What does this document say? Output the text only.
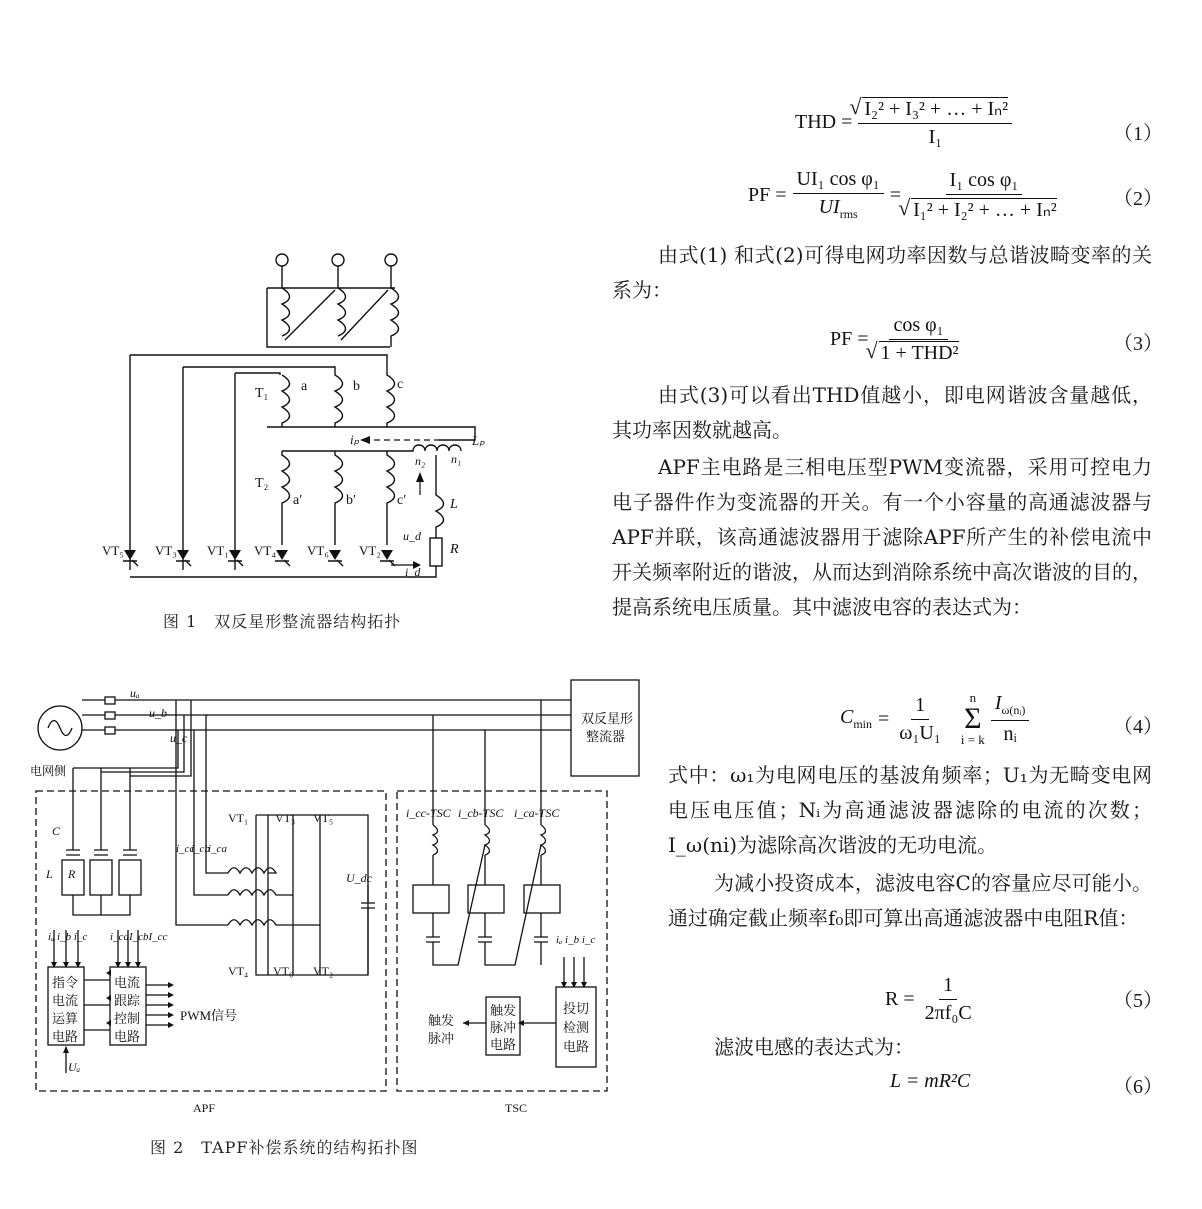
T₁ a	b	c
T₂
a′	b′	c′
iₚ	Lₚ
n₂ n₁
L
u_d
R
i_d
VT₅ VT₃ VT₁ VT₄ VT₆ VT₂
图 1　双反星形整流器结构拓扑
uₐ
u_b
u_c
电网侧
双反星形
整流器
C
L R
i_cc
i_cb
i_ca
VT₁ VT₃ VT₅
VT₄ VT₆ VT₂
U_dc
iₐ i_b i_c i_caI_cbI_cc
指令
电流
运算
电路
电流
跟踪
控制
电路
PWM信号
Uₐ
i_cc-TSC i_cb-TSC i_ca-TSC
iₐ i_b i_c
触发
脉冲
触发
脉冲
电路
投切
检测
电路
APF	TSC
图 2　TAPF补偿系统的结构拓扑图
THD =
√ $\frac{\text{I₂² + I₃² + … + Iₙ²}}{\text{I₁}}$	（1）
PF = $\frac{\text{UI₁ cos φ₁}}{UI_{rms}} = I_1$ cos φ₁
√ I₁² + I₂² + … + Iₙ²	（2）
PF = cos φ₁
√ 1 + THD²	（3）
$C_{min} = \frac{1}{\text{ω₁U₁}}$ n
Σ
i = k $\frac{I_{\omega(nᵢ)}}{\text{nᵢ}}$	（4）
$R = \frac{1}{\text{2πf₀C}}$	（5）
L = mR²C	（6）
由式(1) 和式(2)可得电网功率因数与总谐波畸变率的关系为：
由式(3)可以看出THD值越小，即电网谐波含量越低，其功率因数就越高。
APF主电路是三相电压型PWM变流器，采用可控电力电子器件作为变流器的开关。有一个小容量的高通滤波器与APF并联，该高通滤波器用于滤除APF所产生的补偿电流中开关频率附近的谐波，从而达到消除系统中高次谐波的目的，提高系统电压质量。其中滤波电容的表达式为：
式中：ω₁为电网电压的基波角频率；U₁为无畸变电网电压电压值；Nᵢ为高通滤波器滤除的电流的次数；I_ω(ni)为滤除高次谐波的无功电流。
为减小投资成本，滤波电容C的容量应尽可能小。通过确定截止频率f₀即可算出高通滤波器中电阻R值：
滤波电感的表达式为：
